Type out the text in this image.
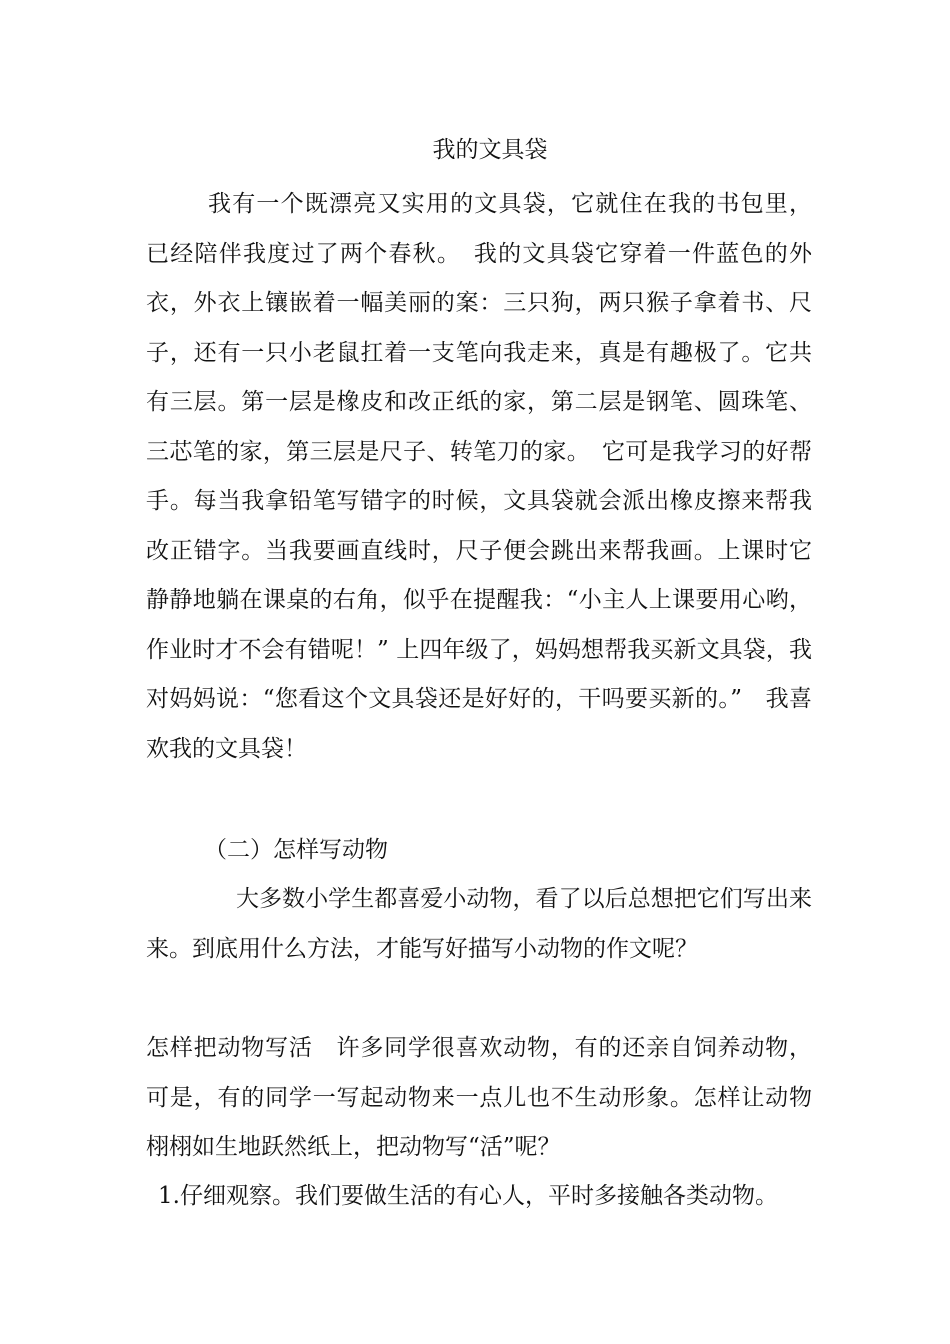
我的文具袋
我有一个既漂亮又实用的文具袋，它就住在我的书包里， 已经陪伴我度过了两个春秋。　我的文具袋它穿着一件蓝色的外衣，外衣上镶嵌着一幅美丽的案：三只狗，两只猴子拿着书、尺子，还有一只小老鼠扛着一支笔向我走来，真是有趣极了。它共有三层。第一层是橡皮和改正纸的家，第二层是钢笔、圆珠笔、三芯笔的家，第三层是尺子、转笔刀的家。　它可是我学习的好帮手。每当我拿铅笔写错字的时候，文具袋就会派出橡皮擦来帮我改正错字。当我要画直线时，尺子便会跳出来帮我画。上课时它静静地躺在课桌的右角，似乎在提醒我：“小主人上课要用心哟，作业时才不会有错呢！” 上四年级了，妈妈想帮我买新文具袋，我对妈妈说：“您看这个文具袋还是好好的，干吗要买新的。”　我喜欢我的文具袋！
（二）怎样写动物
大多数小学生都喜爱小动物，看了以后总想把它们写出来来。到底用什么方法，才能写好描写小动物的作文呢？
怎样把动物写活　许多同学很喜欢动物，有的还亲自饲养动物，可是，有的同学一写起动物来一点儿也不生动形象。怎样让动物栩栩如生地跃然纸上，把动物写“活”呢？
1.仔细观察。我们要做生活的有心人，平时多接触各类动物。
